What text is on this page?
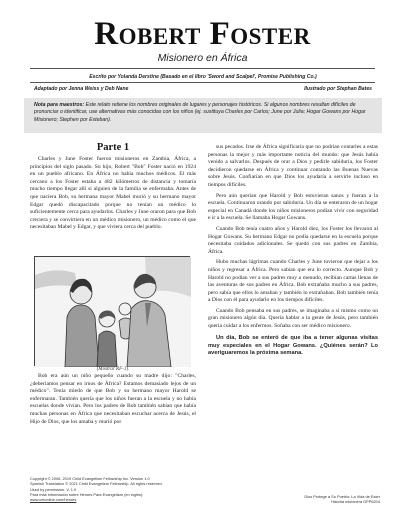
Robert Foster
Misionero en África
Escrito por Yolanda Derstine (Basado en el libro 'Sword and Scalpel', Promise Publishing Co.)
Adaptado por Jenna Weiss y Deb Nane	Ilustrado por Stephan Bates
Nota para maestros: Este relato retiene los nombres originales de lugares y personajes históricos. Si algunos nombres resultan difíciles de pronunciar o identificar, use alternativas más conocidas con los niños (ej. sustituya Charles por Carlos; June por Julia; Hogar Gowans por Hogar Misionero; Stephen por Esteban).
Parte 1

Charles y June Foster fueron misioneros en Zambia, África, a principios del siglo pasado. Su hijo, Robert "Bob" Foster nació en 1924 en un pueblo africano. En África no había muchos médicos. El más cercano a los Foster estaba a 482 kilómetros de distancia y tomaría mucho tiempo llegar allí si alguien de la familia se enfermaba. Antes de que naciera Bob, su hermana mayor Mabel murió y su hermano mayor Edgar quedó discapacitado porque no tenían un médico lo suficientemente cerca para ayudarlos. Charles y June oraron para que Bob creciera y se convirtiera en un médico misionero, un médico como el que necesitaban Mabel y Edgar, y que viviera cerca del pueblo.

(Mostrar RF-1).

Bob era aún un niño pequeño cuando su madre dijo: "Charles, ¿deberíamos pensar en irnos de África? Estamos demasiado lejos de un médico". Tenía miedo de que Bob y su hermano mayor Harold se enfermaran. También quería que los niños fueran a la escuela y no había escuelas donde vivían. Pero los padres de Bob también sabían que había muchas personas en África que necesitaban escuchar acerca de Jesús, el Hijo de Dios, que los amaba y murió por

sus pecados. Irse de África significaría que no podrían contarles a estas personas la mejor y más importante noticia del mundo: que Jesús había venido a salvarlos. Después de orar a Dios y pedirle sabiduría, los Foster decidieron quedarse en África y continuar contando las Buenas Nuevas sobre Jesús. Confiarían en que Dios los ayudaría a servirle incluso en tiempos difíciles.

Pero aún querían que Harold y Bob estuvieran sanos y fueran a la escuela. Continuaron orando por sabiduría. Un día se enteraron de un hogar especial en Canadá donde los niños misioneros podían vivir con seguridad e ir a la escuela. Se llamaba Hogar Gowans.

Cuando Bob tenía cuatro años y Harold diez, los Foster los llevaron al Hogar Gowans. Su hermano Edgar no podía quedarse en la escuela porque necesitaba cuidados adicionales. Se quedó con sus padres en Zambia, África.

Hubo muchas lágrimas cuando Charles y June tuvieron que dejar a los niños y regresar a África. Pero sabían que era lo correcto. Aunque Bob y Harold no podían ver a sus padres muy a menudo, recibían cartas llenas de las aventuras de sus padres en África. Bob extrañaba mucho a sus padres, pero sabía que ellos lo amaban y también lo extrañaban. Bob también tenía a Dios con él para ayudarlo en los tiempos difíciles.

Cuando Bob pensaba en sus padres, se imaginaba a sí mismo como un gran misionero algún día. Quería hablar a la gente de Jesús, pero también quería cuidar a los enfermos. Soñaba con ser médico misionero.

Un día, Bob se enteró de que iba a tener algunas visitas muy especiales en el Hogar Gowans. ¿Quiénes serán? Lo averiguaremos la próxima semana.

Copyright © 2006, 2019 Child Evangelism Fellowship Inc. Version 1.0
Spanish Translation © 2021 Child Evangelism Fellowship. All rights reserved.
Used by permission. V. 1.0
Para más información sobre Héroes Para Evangelizar (en inglés):
www.cefonline.com/heroes
Dios Protege a Su Pueblo: La Vida de Ester
Historia misionera GPP6204
